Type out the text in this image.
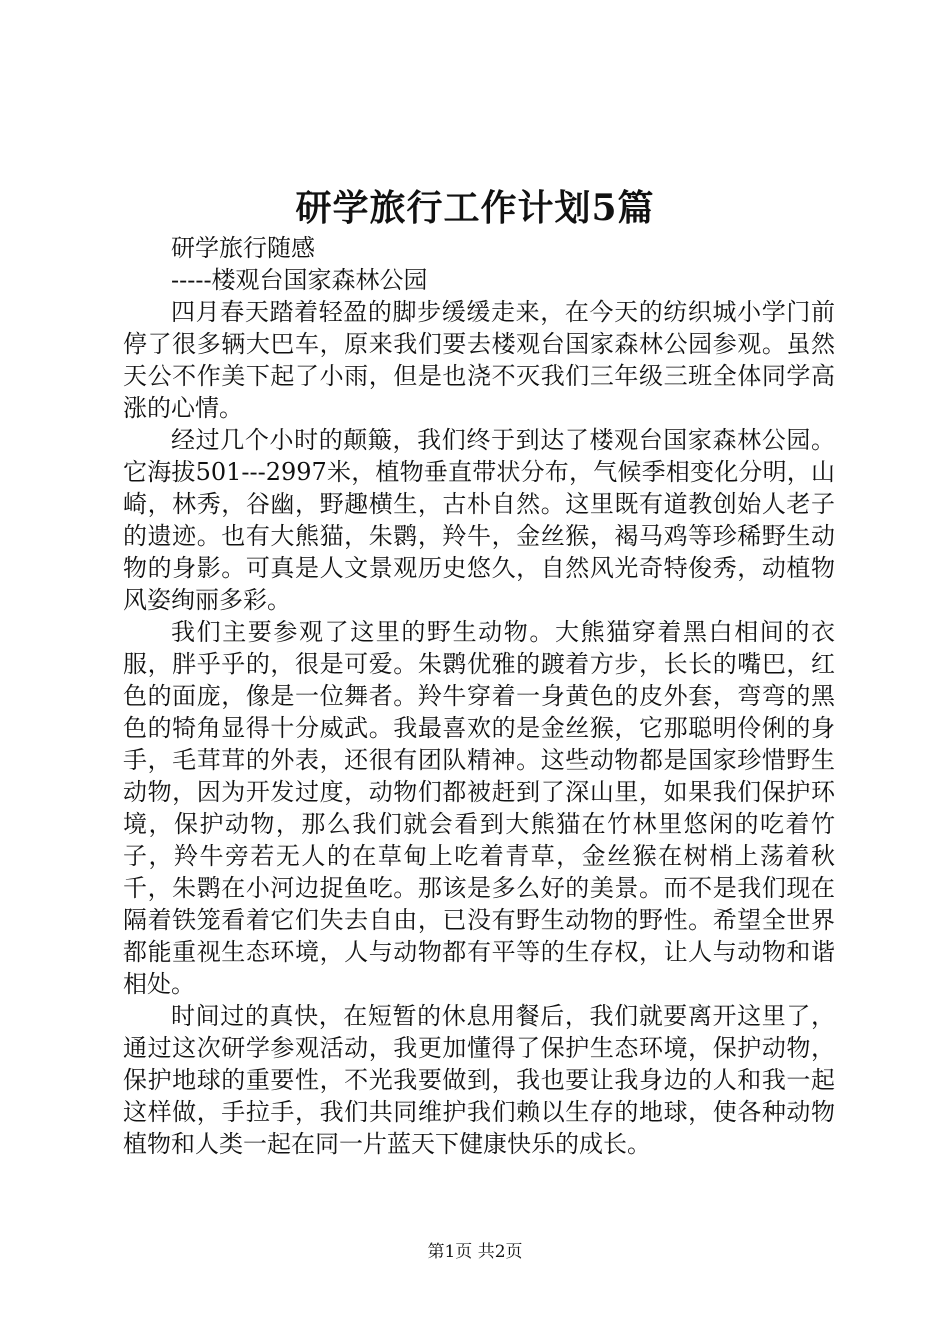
研学旅行工作计划5篇

研学旅行随感

-----楼观台国家森林公园

四月春天踏着轻盈的脚步缓缓走来，在今天的纺织城小学门前停了很多辆大巴车，原来我们要去楼观台国家森林公园参观。虽然天公不作美下起了小雨，但是也浇不灭我们三年级三班全体同学高涨的心情。

经过几个小时的颠簸，我们终于到达了楼观台国家森林公园。它海拔501---2997米，植物垂直带状分布，气候季相变化分明，山崎，林秀，谷幽，野趣横生，古朴自然。这里既有道教创始人老子的遗迹。也有大熊猫，朱鹮，羚牛，金丝猴，褐马鸡等珍稀野生动物的身影。可真是人文景观历史悠久，自然风光奇特俊秀，动植物风姿绚丽多彩。

我们主要参观了这里的野生动物。大熊猫穿着黑白相间的衣服，胖乎乎的，很是可爱。朱鹮优雅的踱着方步，长长的嘴巴，红色的面庞，像是一位舞者。羚牛穿着一身黄色的皮外套，弯弯的黑色的犄角显得十分威武。我最喜欢的是金丝猴，它那聪明伶俐的身手，毛茸茸的外表，还很有团队精神。这些动物都是国家珍惜野生动物，因为开发过度，动物们都被赶到了深山里，如果我们保护环境，保护动物，那么我们就会看到大熊猫在竹林里悠闲的吃着竹子，羚牛旁若无人的在草甸上吃着青草，金丝猴在树梢上荡着秋千，朱鹮在小河边捉鱼吃。那该是多么好的美景。而不是我们现在隔着铁笼看着它们失去自由，已没有野生动物的野性。希望全世界都能重视生态环境，人与动物都有平等的生存权，让人与动物和谐相处。

时间过的真快，在短暂的休息用餐后，我们就要离开这里了，通过这次研学参观活动，我更加懂得了保护生态环境，保护动物，保护地球的重要性，不光我要做到，我也要让我身边的人和我一起这样做，手拉手，我们共同维护我们赖以生存的地球，使各种动物植物和人类一起在同一片蓝天下健康快乐的成长。

第1页 共2页
